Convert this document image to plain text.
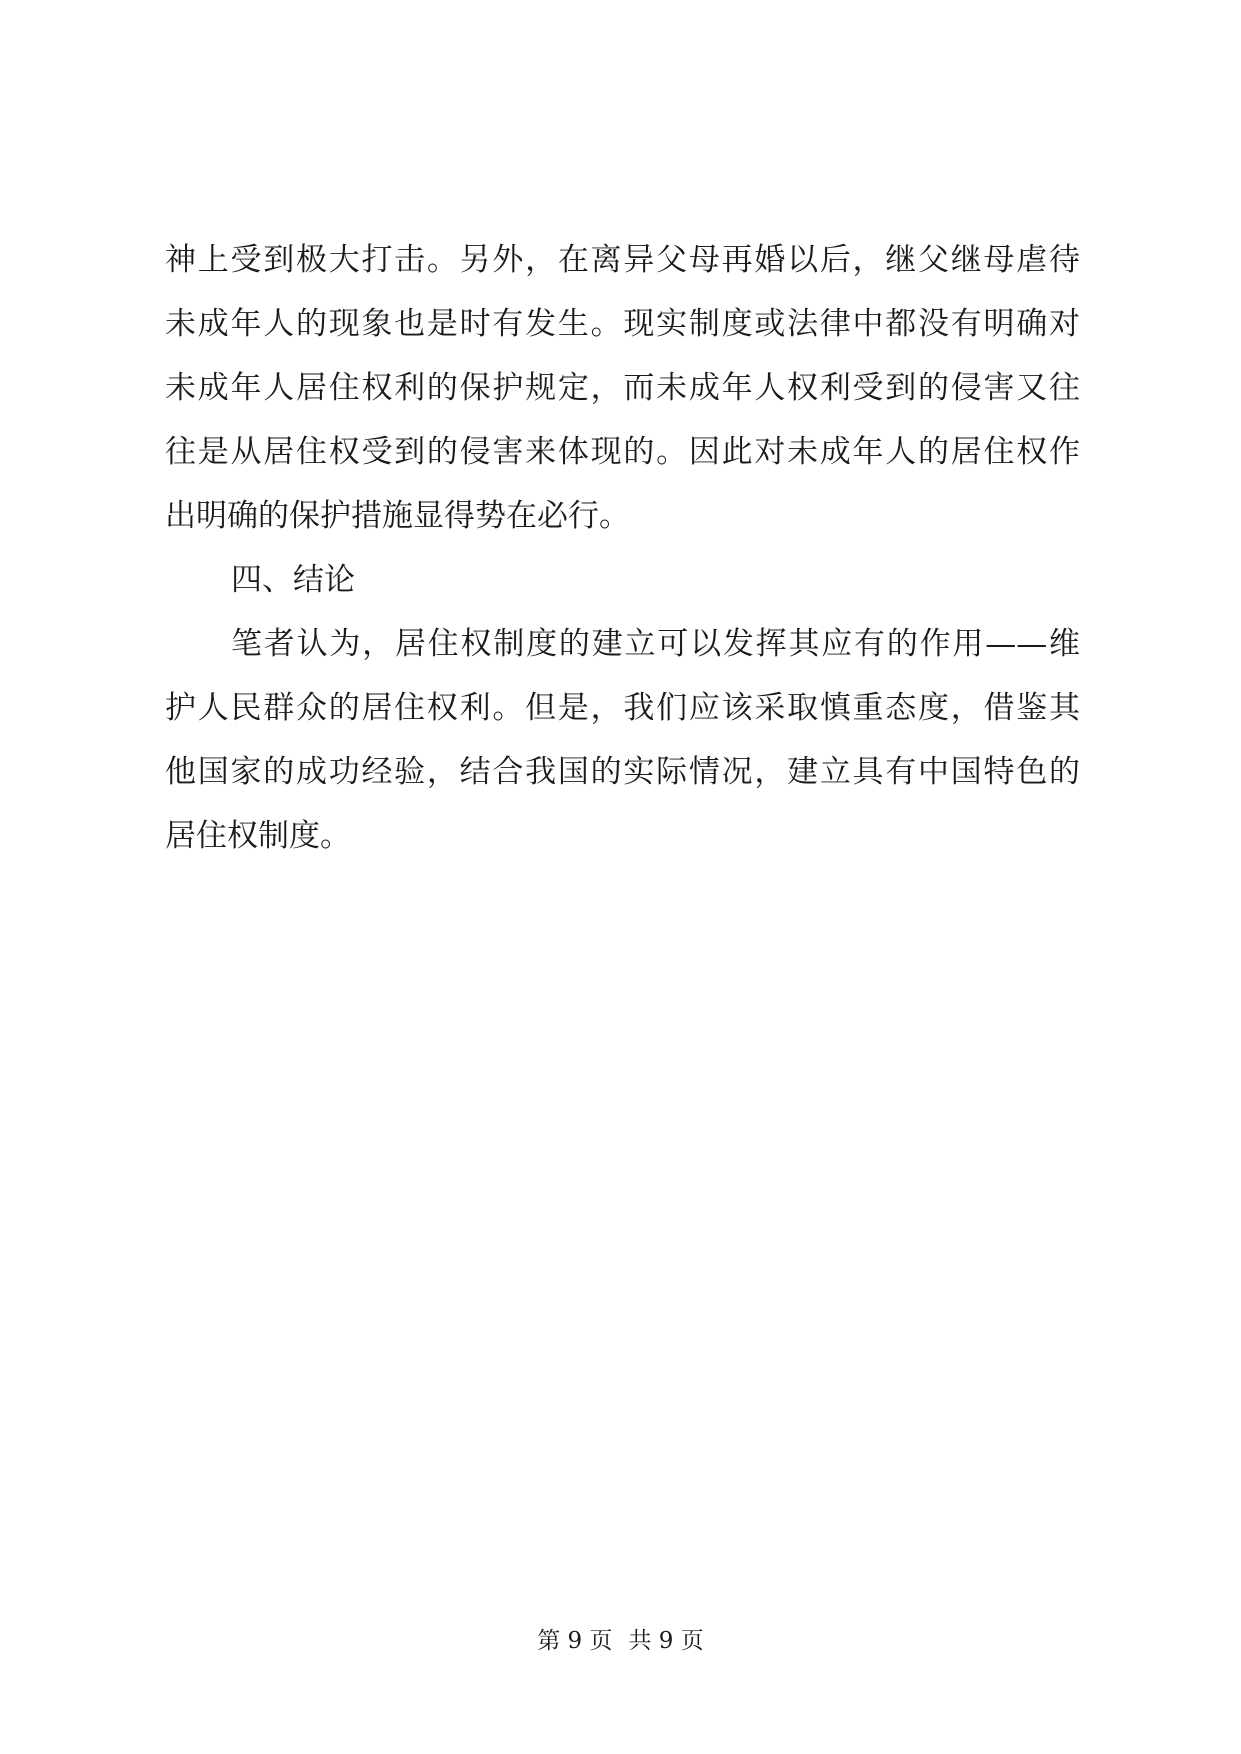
神上受到极大打击。另外，在离异父母再婚以后，继父继母虐待
未成年人的现象也是时有发生。现实制度或法律中都没有明确对
未成年人居住权利的保护规定，而未成年人权利受到的侵害又往
往是从居住权受到的侵害来体现的。因此对未成年人的居住权作
出明确的保护措施显得势在必行。
四、结论
笔者认为，居住权制度的建立可以发挥其应有的作用——维
护人民群众的居住权利。但是，我们应该采取慎重态度，借鉴其
他国家的成功经验，结合我国的实际情况，建立具有中国特色的
居住权制度。
第 9 页 共 9 页
